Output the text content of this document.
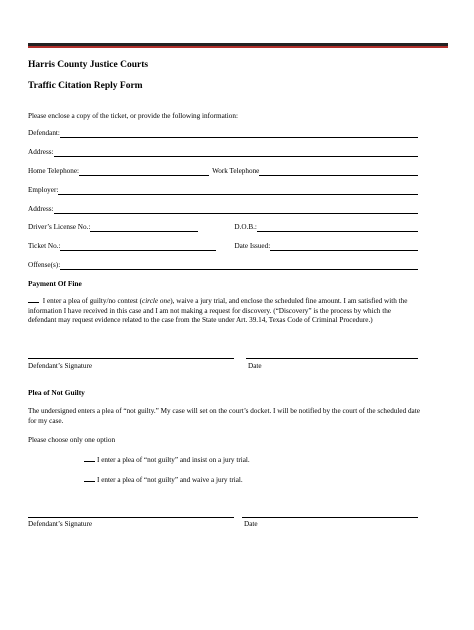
Harris County Justice Courts
Traffic Citation Reply Form
Please enclose a copy of the ticket, or provide the following information:
Defendant:
Address:
Home Telephone:	Work Telephone
Employer:
Address:
Driver’s License No.:	D.O.B.:
Ticket No.:	Date Issued:
Offense(s):
Payment Of Fine
I enter a plea of guilty/no contest (circle one), waive a jury trial, and enclose the scheduled fine amount. I am satisfied with the information I have received in this case and I am not making a request for discovery. (“Discovery” is the process by which the defendant may request evidence related to the case from the State under Art. 39.14, Texas Code of Criminal Procedure.)
Defendant’s Signature	Date
Plea of Not Guilty
The undersigned enters a plea of “not guilty.” My case will set on the court’s docket. I will be notified by the court of the scheduled date for my case.
Please choose only one option
I enter a plea of “not guilty” and insist on a jury trial.
I enter a plea of “not guilty” and waive a jury trial.
Defendant’s Signature	Date
